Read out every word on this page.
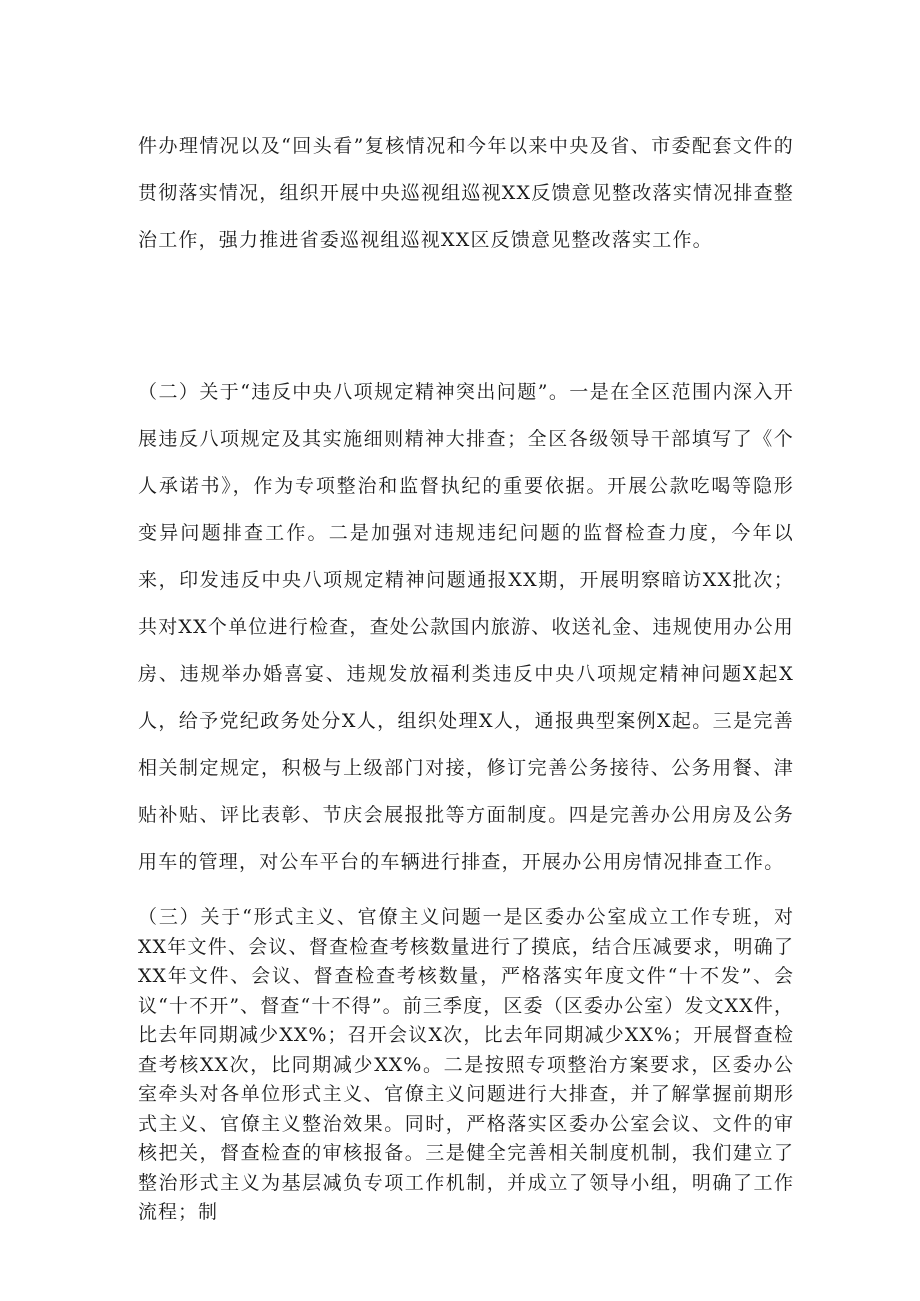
件办理情况以及“回头看”复核情况和今年以来中央及省、市委配套文件的贯彻落实情况，组织开展中央巡视组巡视XX反馈意见整改落实情况排查整治工作，强力推进省委巡视组巡视XX区反馈意见整改落实工作。

（二）关于“违反中央八项规定精神突出问题”。一是在全区范围内深入开展违反八项规定及其实施细则精神大排查；全区各级领导干部填写了《个人承诺书》，作为专项整治和监督执纪的重要依据。开展公款吃喝等隐形变异问题排查工作。二是加强对违规违纪问题的监督检查力度，今年以来，印发违反中央八项规定精神问题通报XX期，开展明察暗访XX批次；共对XX个单位进行检查，查处公款国内旅游、收送礼金、违规使用办公用房、违规举办婚喜宴、违规发放福利类违反中央八项规定精神问题X起X人，给予党纪政务处分X人，组织处理X人，通报典型案例X起。三是完善相关制定规定，积极与上级部门对接，修订完善公务接待、公务用餐、津贴补贴、评比表彰、节庆会展报批等方面制度。四是完善办公用房及公务用车的管理，对公车平台的车辆进行排查，开展办公用房情况排查工作。

（三）关于“形式主义、官僚主义问题一是区委办公室成立工作专班，对XX年文件、会议、督查检查考核数量进行了摸底，结合压减要求，明确了XX年文件、会议、督查检查考核数量，严格落实年度文件“十不发”、会议“十不开”、督查“十不得”。前三季度，区委（区委办公室）发文XX件，比去年同期减少XX%；召开会议X次，比去年同期减少XX%；开展督查检查考核XX次，比同期减少XX%。二是按照专项整治方案要求，区委办公室牵头对各单位形式主义、官僚主义问题进行大排查，并了解掌握前期形式主义、官僚主义整治效果。同时，严格落实区委办公室会议、文件的审核把关，督查检查的审核报备。三是健全完善相关制度机制，我们建立了整治形式主义为基层减负专项工作机制，并成立了领导小组，明确了工作流程；制
